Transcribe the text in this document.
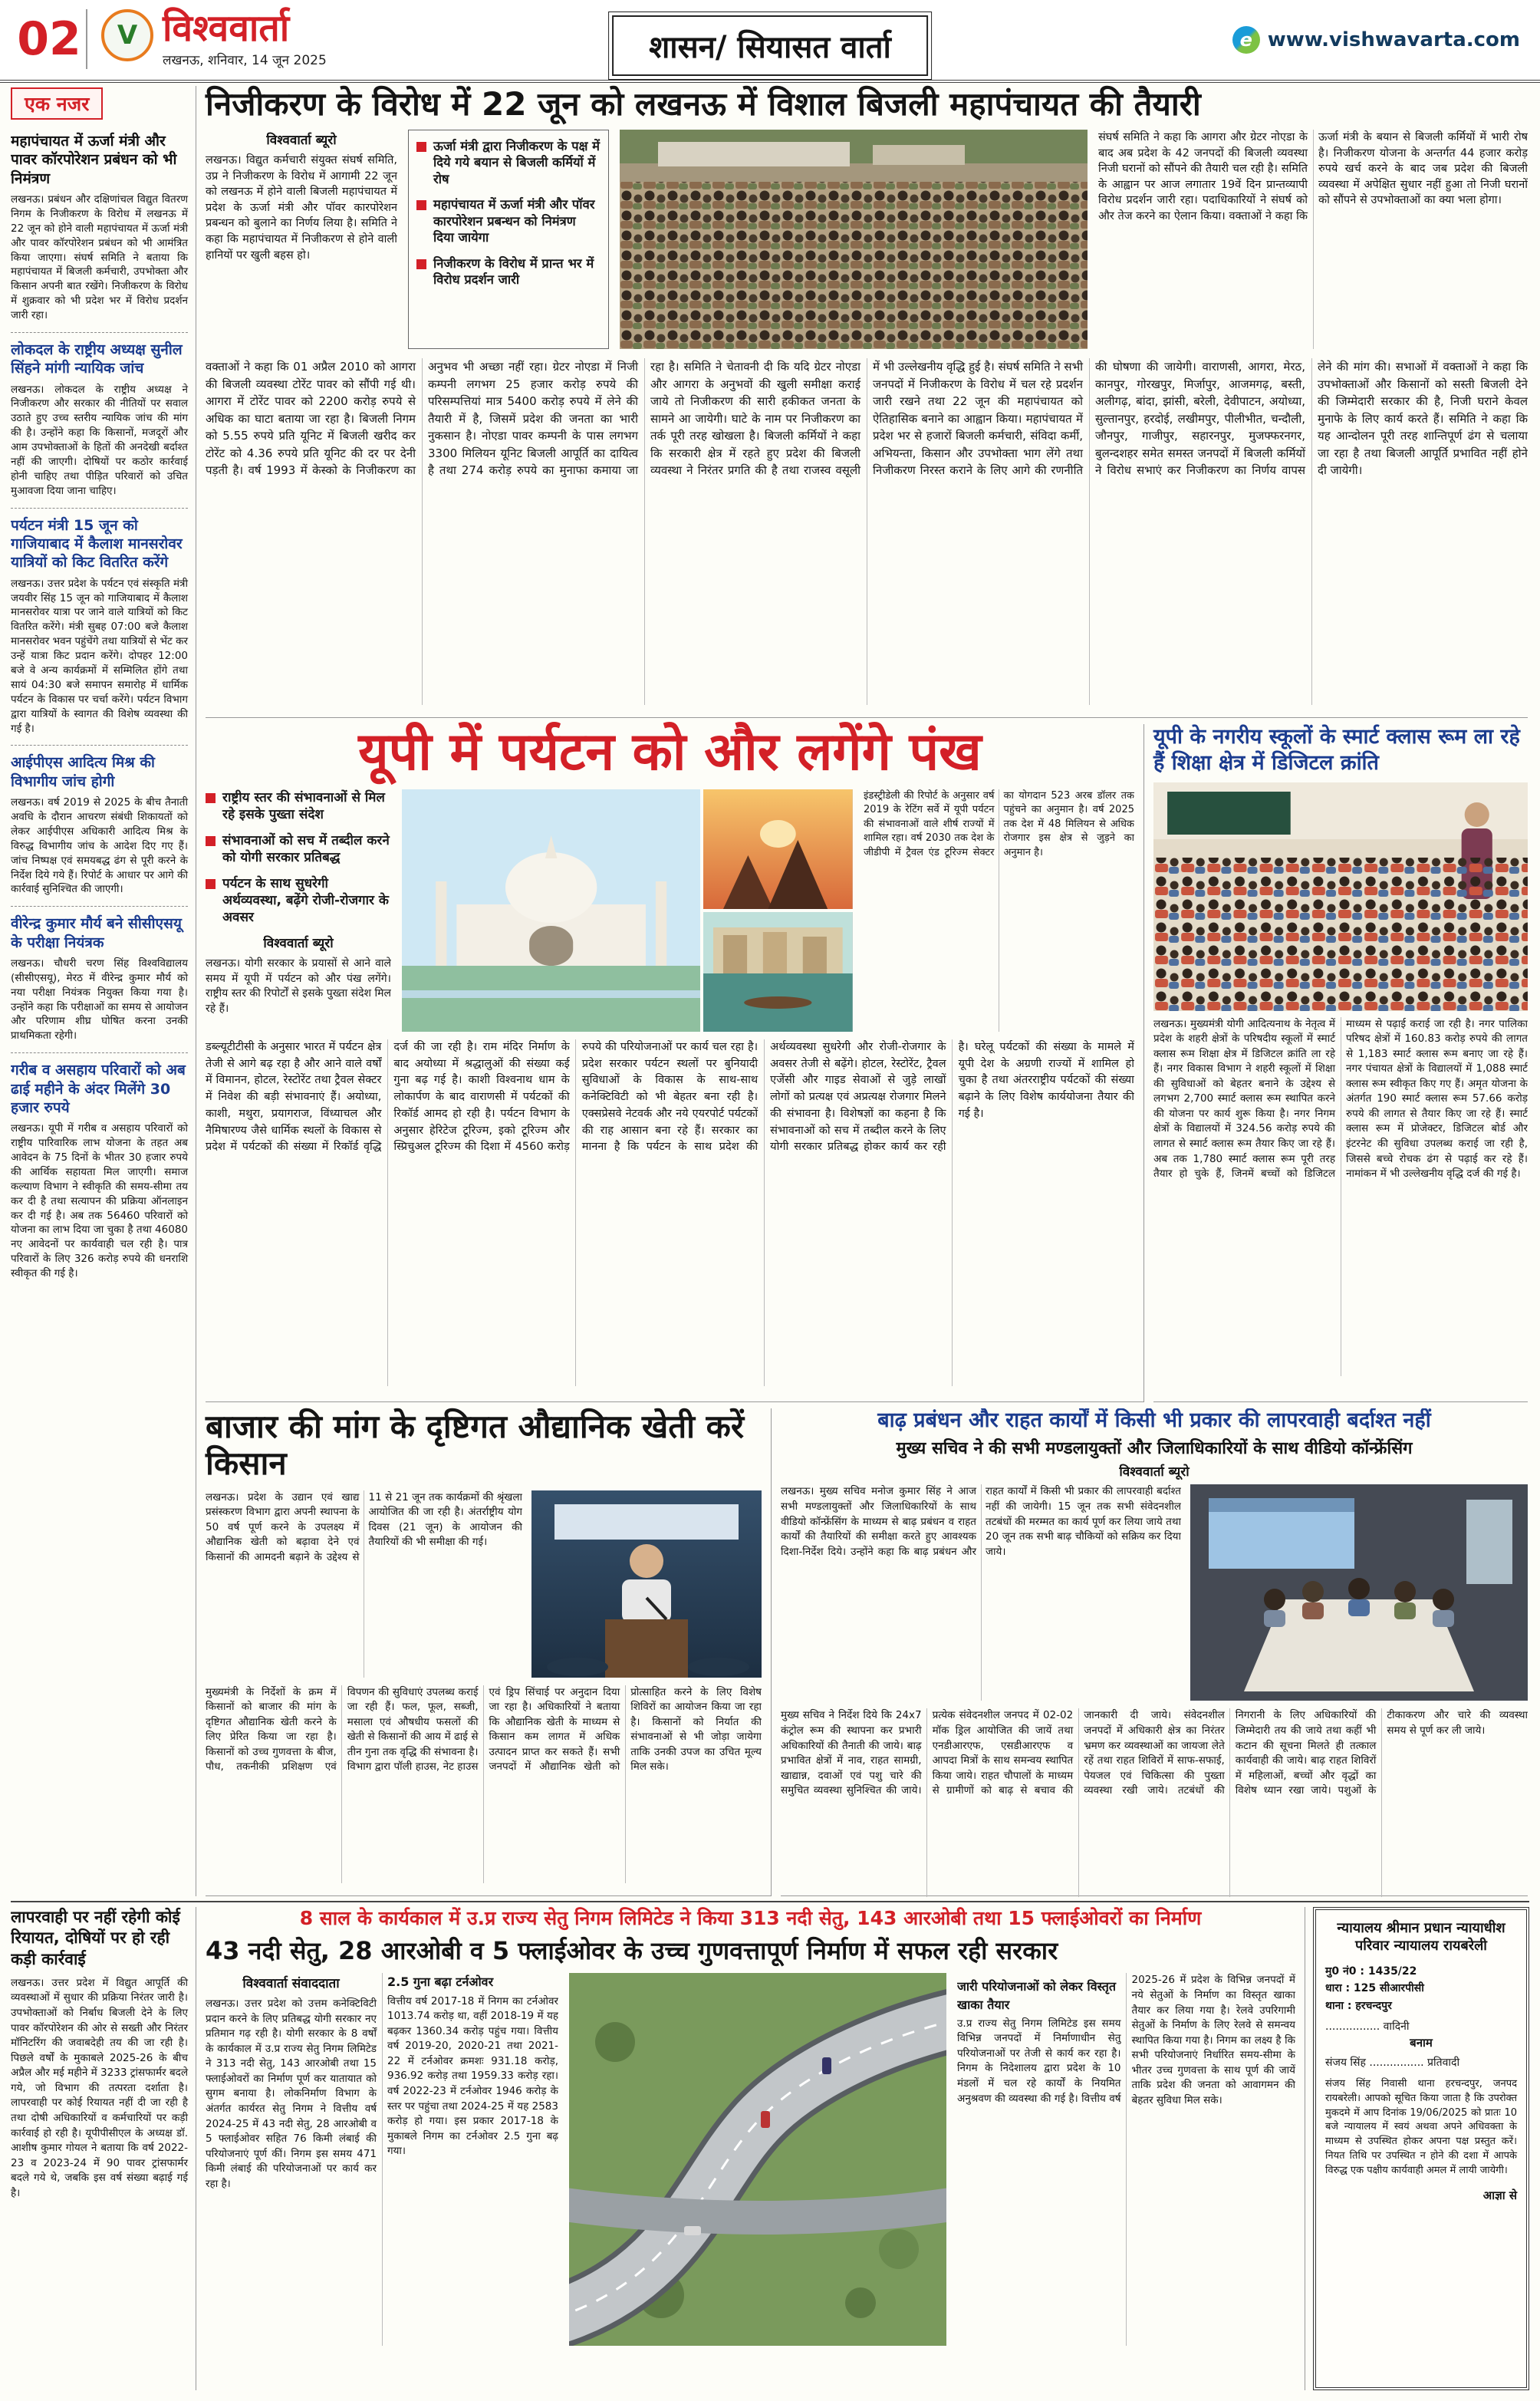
02	V विश्ववार्ता
लखनऊ, शनिवार, 14 जून 2025	शासन/ सियासत वार्ता	e www.vishwavarta.com
एक नजर
महापंचायत में ऊर्जा मंत्री और पावर कॉरपोरेशन प्रबंधन को भी निमंत्रण
लखनऊ। प्रबंधन और दक्षिणांचल विद्युत वितरण निगम के निजीकरण के विरोध में लखनऊ में 22 जून को होने वाली महापंचायत में ऊर्जा मंत्री और पावर कॉरपोरेशन प्रबंधन को भी आमंत्रित किया जाएगा। संघर्ष समिति ने बताया कि महापंचायत में बिजली कर्मचारी, उपभोक्ता और किसान अपनी बात रखेंगे। निजीकरण के विरोध में शुक्रवार को भी प्रदेश भर में विरोध प्रदर्शन जारी रहा।
लोकदल के राष्ट्रीय अध्यक्ष सुनील सिंहने मांगी न्यायिक जांच
लखनऊ। लोकदल के राष्ट्रीय अध्यक्ष ने निजीकरण और सरकार की नीतियों पर सवाल उठाते हुए उच्च स्तरीय न्यायिक जांच की मांग की है। उन्होंने कहा कि किसानों, मजदूरों और आम उपभोक्ताओं के हितों की अनदेखी बर्दाश्त नहीं की जाएगी। दोषियों पर कठोर कार्रवाई होनी चाहिए तथा पीड़ित परिवारों को उचित मुआवजा दिया जाना चाहिए।
पर्यटन मंत्री 15 जून को गाजियाबाद में कैलाश मानसरोवर यात्रियों को किट वितरित करेंगे
लखनऊ। उत्तर प्रदेश के पर्यटन एवं संस्कृति मंत्री जयवीर सिंह 15 जून को गाजियाबाद में कैलाश मानसरोवर यात्रा पर जाने वाले यात्रियों को किट वितरित करेंगे। मंत्री सुबह 07:00 बजे कैलाश मानसरोवर भवन पहुंचेंगे तथा यात्रियों से भेंट कर उन्हें यात्रा किट प्रदान करेंगे। दोपहर 12:00 बजे वे अन्य कार्यक्रमों में सम्मिलित होंगे तथा सायं 04:30 बजे समापन समारोह में धार्मिक पर्यटन के विकास पर चर्चा करेंगे। पर्यटन विभाग द्वारा यात्रियों के स्वागत की विशेष व्यवस्था की गई है।
आईपीएस आदित्य मिश्र की विभागीय जांच होगी
लखनऊ। वर्ष 2019 से 2025 के बीच तैनाती अवधि के दौरान आचरण संबंधी शिकायतों को लेकर आईपीएस अधिकारी आदित्य मिश्र के विरुद्ध विभागीय जांच के आदेश दिए गए हैं। जांच निष्पक्ष एवं समयबद्ध ढंग से पूरी करने के निर्देश दिये गये हैं। रिपोर्ट के आधार पर आगे की कार्रवाई सुनिश्चित की जाएगी।
वीरेन्द्र कुमार मौर्य बने सीसीएसयू के परीक्षा नियंत्रक
लखनऊ। चौधरी चरण सिंह विश्वविद्यालय (सीसीएसयू), मेरठ में वीरेन्द्र कुमार मौर्य को नया परीक्षा नियंत्रक नियुक्त किया गया है। उन्होंने कहा कि परीक्षाओं का समय से आयोजन और परिणाम शीघ्र घोषित करना उनकी प्राथमिकता रहेगी।
गरीब व असहाय परिवारों को अब ढाई महीने के अंदर मिलेंगे 30 हजार रुपये
लखनऊ। यूपी में गरीब व असहाय परिवारों को राष्ट्रीय पारिवारिक लाभ योजना के तहत अब आवेदन के 75 दिनों के भीतर 30 हजार रुपये की आर्थिक सहायता मिल जाएगी। समाज कल्याण विभाग ने स्वीकृति की समय-सीमा तय कर दी है तथा सत्यापन की प्रक्रिया ऑनलाइन कर दी गई है। अब तक 56460 परिवारों को योजना का लाभ दिया जा चुका है तथा 46080 नए आवेदनों पर कार्यवाही चल रही है। पात्र परिवारों के लिए 326 करोड़ रुपये की धनराशि स्वीकृत की गई है।
निजीकरण के विरोध में 22 जून को लखनऊ में विशाल बिजली महापंचायत की तैयारी
विश्ववार्ता ब्यूरो
लखनऊ। विद्युत कर्मचारी संयुक्त संघर्ष समिति, उप्र ने निजीकरण के विरोध में आगामी 22 जून को लखनऊ में होने वाली बिजली महापंचायत में प्रदेश के ऊर्जा मंत्री और पॉवर कारपोरेशन प्रबन्धन को बुलाने का निर्णय लिया है। समिति ने कहा कि महापंचायत में निजीकरण से होने वाली हानियों पर खुली बहस हो।
ऊर्जा मंत्री द्वारा निजीकरण के पक्ष में दिये गये बयान से बिजली कर्मियों में रोष
महापंचायत में ऊर्जा मंत्री और पॉवर कारपोरेशन प्रबन्धन को निमंत्रण दिया जायेगा
निजीकरण के विरोध में प्रान्त भर में विरोध प्रदर्शन जारी
संघर्ष समिति ने कहा कि आगरा और ग्रेटर नोएडा के बाद अब प्रदेश के 42 जनपदों की बिजली व्यवस्था निजी घरानों को सौंपने की तैयारी चल रही है। समिति के आह्वान पर आज लगातार 19वें दिन प्रान्तव्यापी विरोध प्रदर्शन जारी रहा। पदाधिकारियों ने संघर्ष को और तेज करने का ऐलान किया। वक्ताओं ने कहा कि ऊर्जा मंत्री के बयान से बिजली कर्मियों में भारी रोष है। निजीकरण योजना के अन्तर्गत 44 हजार करोड़ रुपये खर्च करने के बाद जब प्रदेश की बिजली व्यवस्था में अपेक्षित सुधार नहीं हुआ तो निजी घरानों को सौंपने से उपभोक्ताओं का क्या भला होगा।
वक्ताओं ने कहा कि 01 अप्रैल 2010 को आगरा की बिजली व्यवस्था टोरेंट पावर को सौंपी गई थी। आगरा में टोरेंट पावर को 2200 करोड़ रुपये से अधिक का घाटा बताया जा रहा है। बिजली निगम को 5.55 रुपये प्रति यूनिट में बिजली खरीद कर टोरेंट को 4.36 रुपये प्रति यूनिट की दर पर देनी पड़ती है। वर्ष 1993 में केस्को के निजीकरण का अनुभव भी अच्छा नहीं रहा। ग्रेटर नोएडा में निजी कम्पनी लगभग 25 हजार करोड़ रुपये की परिसम्पत्तियां मात्र 5400 करोड़ रुपये में लेने की तैयारी में है, जिसमें प्रदेश की जनता का भारी नुकसान है। नोएडा पावर कम्पनी के पास लगभग 3300 मिलियन यूनिट बिजली आपूर्ति का दायित्व है तथा 274 करोड़ रुपये का मुनाफा कमाया जा रहा है। समिति ने चेतावनी दी कि यदि ग्रेटर नोएडा और आगरा के अनुभवों की खुली समीक्षा कराई जाये तो निजीकरण की सारी हकीकत जनता के सामने आ जायेगी। घाटे के नाम पर निजीकरण का तर्क पूरी तरह खोखला है। बिजली कर्मियों ने कहा कि सरकारी क्षेत्र में रहते हुए प्रदेश की बिजली व्यवस्था ने निरंतर प्रगति की है तथा राजस्व वसूली में भी उल्लेखनीय वृद्धि हुई है। संघर्ष समिति ने सभी जनपदों में निजीकरण के विरोध में चल रहे प्रदर्शन जारी रखने तथा 22 जून की महापंचायत को ऐतिहासिक बनाने का आह्वान किया। महापंचायत में प्रदेश भर से हजारों बिजली कर्मचारी, संविदा कर्मी, अभियन्ता, किसान और उपभोक्ता भाग लेंगे तथा निजीकरण निरस्त कराने के लिए आगे की रणनीति की घोषणा की जायेगी। वाराणसी, आगरा, मेरठ, कानपुर, गोरखपुर, मिर्जापुर, आजमगढ़, बस्ती, अलीगढ़, बांदा, झांसी, बरेली, देवीपाटन, अयोध्या, सुल्तानपुर, हरदोई, लखीमपुर, पीलीभीत, चन्दौली, जौनपुर, गाजीपुर, सहारनपुर, मुजफ्फरनगर, बुलन्दशहर समेत समस्त जनपदों में बिजली कर्मियों ने विरोध सभाएं कर निजीकरण का निर्णय वापस लेने की मांग की। सभाओं में वक्ताओं ने कहा कि उपभोक्ताओं और किसानों को सस्ती बिजली देने की जिम्मेदारी सरकार की है, निजी घराने केवल मुनाफे के लिए कार्य करते हैं। समिति ने कहा कि यह आन्दोलन पूरी तरह शान्तिपूर्ण ढंग से चलाया जा रहा है तथा बिजली आपूर्ति प्रभावित नहीं होने दी जायेगी।
यूपी में पर्यटन को और लगेंगे पंख
राष्ट्रीय स्तर की संभावनाओं से मिल रहे इसके पुख्ता संदेश
संभावनाओं को सच में तब्दील करने को योगी सरकार प्रतिबद्ध
पर्यटन के साथ सुधरेगी अर्थव्यवस्था, बढ़ेंगे रोजी-रोजगार के अवसर
विश्ववार्ता ब्यूरो
लखनऊ। योगी सरकार के प्रयासों से आने वाले समय में यूपी में पर्यटन को और पंख लगेंगे। राष्ट्रीय स्तर की रिपोर्टों से इसके पुख्ता संदेश मिल रहे हैं।
इंडस्ट्रीडेली की रिपोर्ट के अनुसार वर्ष 2019 के रेटिंग सर्वे में यूपी पर्यटन की संभावनाओं वाले शीर्ष राज्यों में शामिल रहा। वर्ष 2030 तक देश के जीडीपी में ट्रैवल एंड टूरिज्म सेक्टर का योगदान 523 अरब डॉलर तक पहुंचने का अनुमान है। वर्ष 2025 तक देश में 48 मिलियन से अधिक रोजगार इस क्षेत्र से जुड़ने का अनुमान है।
डब्ल्यूटीटीसी के अनुसार भारत में पर्यटन क्षेत्र तेजी से आगे बढ़ रहा है और आने वाले वर्षों में विमानन, होटल, रेस्टोरेंट तथा ट्रैवल सेक्टर में निवेश की बड़ी संभावनाएं हैं। अयोध्या, काशी, मथुरा, प्रयागराज, विंध्याचल और नैमिषारण्य जैसे धार्मिक स्थलों के विकास से प्रदेश में पर्यटकों की संख्या में रिकॉर्ड वृद्धि दर्ज की जा रही है। राम मंदिर निर्माण के बाद अयोध्या में श्रद्धालुओं की संख्या कई गुना बढ़ गई है। काशी विश्वनाथ धाम के लोकार्पण के बाद वाराणसी में पर्यटकों की रिकॉर्ड आमद हो रही है। पर्यटन विभाग के अनुसार हेरिटेज टूरिज्म, इको टूरिज्म और स्प्रिचुअल टूरिज्म की दिशा में 4560 करोड़ रुपये की परियोजनाओं पर कार्य चल रहा है। प्रदेश सरकार पर्यटन स्थलों पर बुनियादी सुविधाओं के विकास के साथ-साथ कनेक्टिविटी को भी बेहतर बना रही है। एक्सप्रेसवे नेटवर्क और नये एयरपोर्ट पर्यटकों की राह आसान बना रहे हैं। सरकार का मानना है कि पर्यटन के साथ प्रदेश की अर्थव्यवस्था सुधरेगी और रोजी-रोजगार के अवसर तेजी से बढ़ेंगे। होटल, रेस्टोरेंट, ट्रैवल एजेंसी और गाइड सेवाओं से जुड़े लाखों लोगों को प्रत्यक्ष एवं अप्रत्यक्ष रोजगार मिलने की संभावना है। विशेषज्ञों का कहना है कि संभावनाओं को सच में तब्दील करने के लिए योगी सरकार प्रतिबद्ध होकर कार्य कर रही है। घरेलू पर्यटकों की संख्या के मामले में यूपी देश के अग्रणी राज्यों में शामिल हो चुका है तथा अंतरराष्ट्रीय पर्यटकों की संख्या बढ़ाने के लिए विशेष कार्ययोजना तैयार की गई है।
यूपी के नगरीय स्कूलों के स्मार्ट क्लास रूम ला रहे हैं शिक्षा क्षेत्र में डिजिटल क्रांति
लखनऊ। मुख्यमंत्री योगी आदित्यनाथ के नेतृत्व में प्रदेश के शहरी क्षेत्रों के परिषदीय स्कूलों में स्मार्ट क्लास रूम शिक्षा क्षेत्र में डिजिटल क्रांति ला रहे हैं। नगर विकास विभाग ने शहरी स्कूलों में शिक्षा की सुविधाओं को बेहतर बनाने के उद्देश्य से लगभग 2,700 स्मार्ट क्लास रूम स्थापित करने की योजना पर कार्य शुरू किया है। नगर निगम क्षेत्रों के विद्यालयों में 324.56 करोड़ रुपये की लागत से स्मार्ट क्लास रूम तैयार किए जा रहे हैं। अब तक 1,780 स्मार्ट क्लास रूम पूरी तरह तैयार हो चुके हैं, जिनमें बच्चों को डिजिटल माध्यम से पढ़ाई कराई जा रही है। नगर पालिका परिषद क्षेत्रों में 160.83 करोड़ रुपये की लागत से 1,183 स्मार्ट क्लास रूम बनाए जा रहे हैं। नगर पंचायत क्षेत्रों के विद्यालयों में 1,088 स्मार्ट क्लास रूम स्वीकृत किए गए हैं। अमृत योजना के अंतर्गत 190 स्मार्ट क्लास रूम 57.66 करोड़ रुपये की लागत से तैयार किए जा रहे हैं। स्मार्ट क्लास रूम में प्रोजेक्टर, डिजिटल बोर्ड और इंटरनेट की सुविधा उपलब्ध कराई जा रही है, जिससे बच्चे रोचक ढंग से पढ़ाई कर रहे हैं। नामांकन में भी उल्लेखनीय वृद्धि दर्ज की गई है।
बाजार की मांग के दृष्टिगत औद्यानिक खेती करें किसान
लखनऊ। प्रदेश के उद्यान एवं खाद्य प्रसंस्करण विभाग द्वारा अपनी स्थापना के 50 वर्ष पूर्ण करने के उपलक्ष्य में औद्यानिक खेती को बढ़ावा देने एवं किसानों की आमदनी बढ़ाने के उद्देश्य से 11 से 21 जून तक कार्यक्रमों की श्रृंखला आयोजित की जा रही है। अंतर्राष्ट्रीय योग दिवस (21 जून) के आयोजन की तैयारियों की भी समीक्षा की गई।
मुख्यमंत्री के निर्देशों के क्रम में किसानों को बाजार की मांग के दृष्टिगत औद्यानिक खेती करने के लिए प्रेरित किया जा रहा है। किसानों को उच्च गुणवत्ता के बीज, पौध, तकनीकी प्रशिक्षण एवं विपणन की सुविधाएं उपलब्ध कराई जा रही हैं। फल, फूल, सब्जी, मसाला एवं औषधीय फसलों की खेती से किसानों की आय में ढाई से तीन गुना तक वृद्धि की संभावना है। विभाग द्वारा पॉली हाउस, नेट हाउस एवं ड्रिप सिंचाई पर अनुदान दिया जा रहा है। अधिकारियों ने बताया कि औद्यानिक खेती के माध्यम से किसान कम लागत में अधिक उत्पादन प्राप्त कर सकते हैं। सभी जनपदों में औद्यानिक खेती को प्रोत्साहित करने के लिए विशेष शिविरों का आयोजन किया जा रहा है। किसानों को निर्यात की संभावनाओं से भी जोड़ा जायेगा ताकि उनकी उपज का उचित मूल्य मिल सके।
बाढ़ प्रबंधन और राहत कार्यों में किसी भी प्रकार की लापरवाही बर्दाश्त नहीं
मुख्य सचिव ने की सभी मण्डलायुक्तों और जिलाधिकारियों के साथ वीडियो कॉन्फ्रेंसिंग
विश्ववार्ता ब्यूरो
लखनऊ। मुख्य सचिव मनोज कुमार सिंह ने आज सभी मण्डलायुक्तों और जिलाधिकारियों के साथ वीडियो कॉन्फ्रेंसिंग के माध्यम से बाढ़ प्रबंधन व राहत कार्यों की तैयारियों की समीक्षा करते हुए आवश्यक दिशा-निर्देश दिये। उन्होंने कहा कि बाढ़ प्रबंधन और राहत कार्यों में किसी भी प्रकार की लापरवाही बर्दाश्त नहीं की जायेगी। 15 जून तक सभी संवेदनशील तटबंधों की मरम्मत का कार्य पूर्ण कर लिया जाये तथा 20 जून तक सभी बाढ़ चौकियों को सक्रिय कर दिया जाये।
मुख्य सचिव ने निर्देश दिये कि 24x7 कंट्रोल रूम की स्थापना कर प्रभारी अधिकारियों की तैनाती की जाये। बाढ़ प्रभावित क्षेत्रों में नाव, राहत सामग्री, खाद्यान्न, दवाओं एवं पशु चारे की समुचित व्यवस्था सुनिश्चित की जाये। प्रत्येक संवेदनशील जनपद में 02-02 मॉक ड्रिल आयोजित की जायें तथा एनडीआरएफ, एसडीआरएफ व आपदा मित्रों के साथ समन्वय स्थापित किया जाये। राहत चौपालों के माध्यम से ग्रामीणों को बाढ़ से बचाव की जानकारी दी जाये। संवेदनशील जनपदों में अधिकारी क्षेत्र का निरंतर भ्रमण कर व्यवस्थाओं का जायजा लेते रहें तथा राहत शिविरों में साफ-सफाई, पेयजल एवं चिकित्सा की पुख्ता व्यवस्था रखी जाये। तटबंधों की निगरानी के लिए अधिकारियों की जिम्मेदारी तय की जाये तथा कहीं भी कटान की सूचना मिलते ही तत्काल कार्यवाही की जाये। बाढ़ राहत शिविरों में महिलाओं, बच्चों और वृद्धों का विशेष ध्यान रखा जाये। पशुओं के टीकाकरण और चारे की व्यवस्था समय से पूर्ण कर ली जाये।
लापरवाही पर नहीं रहेगी कोई रियायत, दोषियों पर हो रही कड़ी कार्रवाई
लखनऊ। उत्तर प्रदेश में विद्युत आपूर्ति की व्यवस्थाओं में सुधार की प्रक्रिया निरंतर जारी है। उपभोक्ताओं को निर्बाध बिजली देने के लिए पावर कॉरपोरेशन की ओर से सख्ती और निरंतर मॉनिटरिंग की जवाबदेही तय की जा रही है। पिछले वर्षों के मुकाबले 2025-26 के बीच अप्रैल और मई महीने में 3233 ट्रांसफार्मर बदले गये, जो विभाग की तत्परता दर्शाता है। लापरवाही पर कोई रियायत नहीं दी जा रही है तथा दोषी अधिकारियों व कर्मचारियों पर कड़ी कार्रवाई हो रही है। यूपीपीसीएल के अध्यक्ष डॉ. आशीष कुमार गोयल ने बताया कि वर्ष 2022-23 व 2023-24 में 90 पावर ट्रांसफार्मर बदले गये थे, जबकि इस वर्ष संख्या बढ़ाई गई है।
8 साल के कार्यकाल में उ.प्र राज्य सेतु निगम लिमिटेड ने किया 313 नदी सेतु, 143 आरओबी तथा 15 फ्लाईओवरों का निर्माण
43 नदी सेतु, 28 आरओबी व 5 फ्लाईओवर के उच्च गुणवत्तापूर्ण निर्माण में सफल रही सरकार
विश्ववार्ता संवाददाता
लखनऊ। उत्तर प्रदेश को उत्तम कनेक्टिविटी प्रदान करने के लिए प्रतिबद्ध योगी सरकार नए प्रतिमान गढ़ रही है। योगी सरकार के 8 वर्षों के कार्यकाल में उ.प्र राज्य सेतु निगम लिमिटेड ने 313 नदी सेतु, 143 आरओबी तथा 15 फ्लाईओवरों का निर्माण पूर्ण कर यातायात को सुगम बनाया है। लोकनिर्माण विभाग के अंतर्गत कार्यरत सेतु निगम ने वित्तीय वर्ष 2024-25 में 43 नदी सेतु, 28 आरओबी व 5 फ्लाईओवर सहित 76 किमी लंबाई की परियोजनाएं पूर्ण कीं। निगम इस समय 471 किमी लंबाई की परियोजनाओं पर कार्य कर रहा है।
2.5 गुना बढ़ा टर्नओवर
वित्तीय वर्ष 2017-18 में निगम का टर्नओवर 1013.74 करोड़ था, वहीं 2018-19 में यह बढ़कर 1360.34 करोड़ पहुंच गया। वित्तीय वर्ष 2019-20, 2020-21 तथा 2021-22 में टर्नओवर क्रमशः 931.18 करोड़, 936.92 करोड़ तथा 1959.33 करोड़ रहा। वर्ष 2022-23 में टर्नओवर 1946 करोड़ के स्तर पर पहुंचा तथा 2024-25 में यह 2583 करोड़ हो गया। इस प्रकार 2017-18 के मुकाबले निगम का टर्नओवर 2.5 गुना बढ़ गया।
जारी परियोजनाओं को लेकर विस्तृत खाका तैयार
उ.प्र राज्य सेतु निगम लिमिटेड इस समय विभिन्न जनपदों में निर्माणाधीन सेतु परियोजनाओं पर तेजी से कार्य कर रहा है। निगम के निदेशालय द्वारा प्रदेश के 10 मंडलों में चल रहे कार्यों के नियमित अनुश्रवण की व्यवस्था की गई है। वित्तीय वर्ष 2025-26 में प्रदेश के विभिन्न जनपदों में नये सेतुओं के निर्माण का विस्तृत खाका तैयार कर लिया गया है। रेलवे उपरिगामी सेतुओं के निर्माण के लिए रेलवे से समन्वय स्थापित किया गया है। निगम का लक्ष्य है कि सभी परियोजनाएं निर्धारित समय-सीमा के भीतर उच्च गुणवत्ता के साथ पूर्ण की जायें ताकि प्रदेश की जनता को आवागमन की बेहतर सुविधा मिल सके।
न्यायालय श्रीमान प्रधान न्यायाधीश
परिवार न्यायालय रायबरेली
मु0 नं0 : 1435/22
धारा : 125 सीआरपीसी
थाना : हरचन्दपुर
................ वादिनी
बनाम
संजय सिंह ................ प्रतिवादी
संजय सिंह निवासी थाना हरचन्दपुर, जनपद रायबरेली। आपको सूचित किया जाता है कि उपरोक्त मुकदमे में आप दिनांक 19/06/2025 को प्रातः 10 बजे न्यायालय में स्वयं अथवा अपने अधिवक्ता के माध्यम से उपस्थित होकर अपना पक्ष प्रस्तुत करें। नियत तिथि पर उपस्थित न होने की दशा में आपके विरुद्ध एक पक्षीय कार्यवाही अमल में लायी जायेगी।
आज्ञा से
